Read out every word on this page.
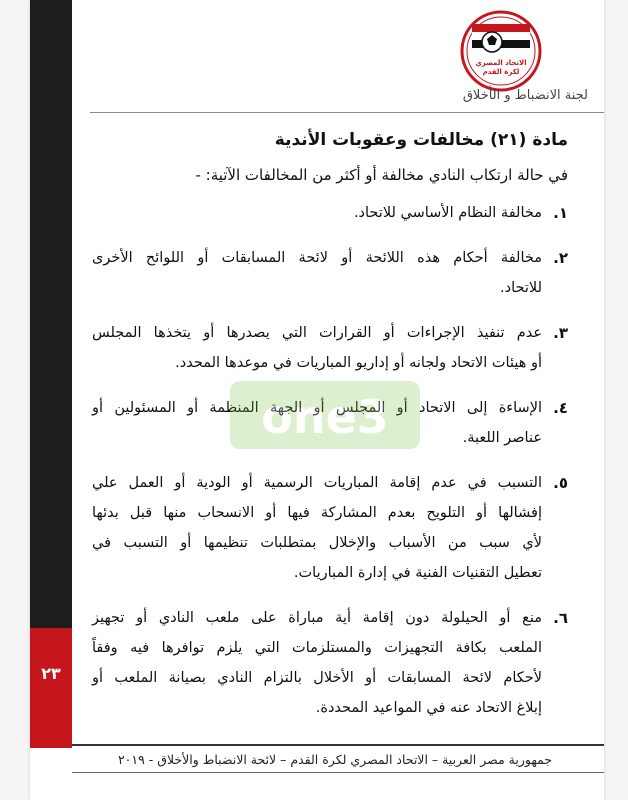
٢٣
الاتحاد المصري
لكرة القدم
لجنة الانضباط و الأخلاق
مادة (٢١) مخالفات وعقوبات الأندية
في حالة ارتكاب النادي مخالفة أو أكثر من المخالفات الآتية: -
١.
مخالفة النظام الأساسي للاتحاد.
٢.
مخالفة أحكام هذه اللائحة أو لائحة المسابقات أو اللوائح الأخرى
للاتحاد.
٣.
عدم تنفيذ الإجراءات أو القرارات التي يصدرها أو يتخذها المجلس
أو هيئات الاتحاد ولجانه أو إداريو المباريات في موعدها المحدد.
٤.
الإساءة إلى الاتحاد أو المجلس أو الجهة المنظمة أو المسئولين أو
عناصر اللعبة.
٥.
التسبب في عدم إقامة المباريات الرسمية أو الودية أو العمل علي
إفشالها أو التلويح بعدم المشاركة فيها أو الانسحاب منها قبل بدئها
لأي سبب من الأسباب والإخلال بمتطلبات تنظيمها أو التسبب في
تعطيل التقنيات الفنية في إدارة المباريات.
٦.
منع أو الحيلولة دون إقامة أية مباراة على ملعب النادي أو تجهيز
الملعب بكافة التجهيزات والمستلزمات التي يلزم توافرها فيه وفقاً
لأحكام لائحة المسابقات أو الأخلال بالتزام النادي بصيانة الملعب أو
إبلاغ الاتحاد عنه في المواعيد المحددة.
one3
جمهورية مصر العربية – الاتحاد المصري لكرة القدم – لائحة الانضباط والأخلاق - ٢٠١٩
